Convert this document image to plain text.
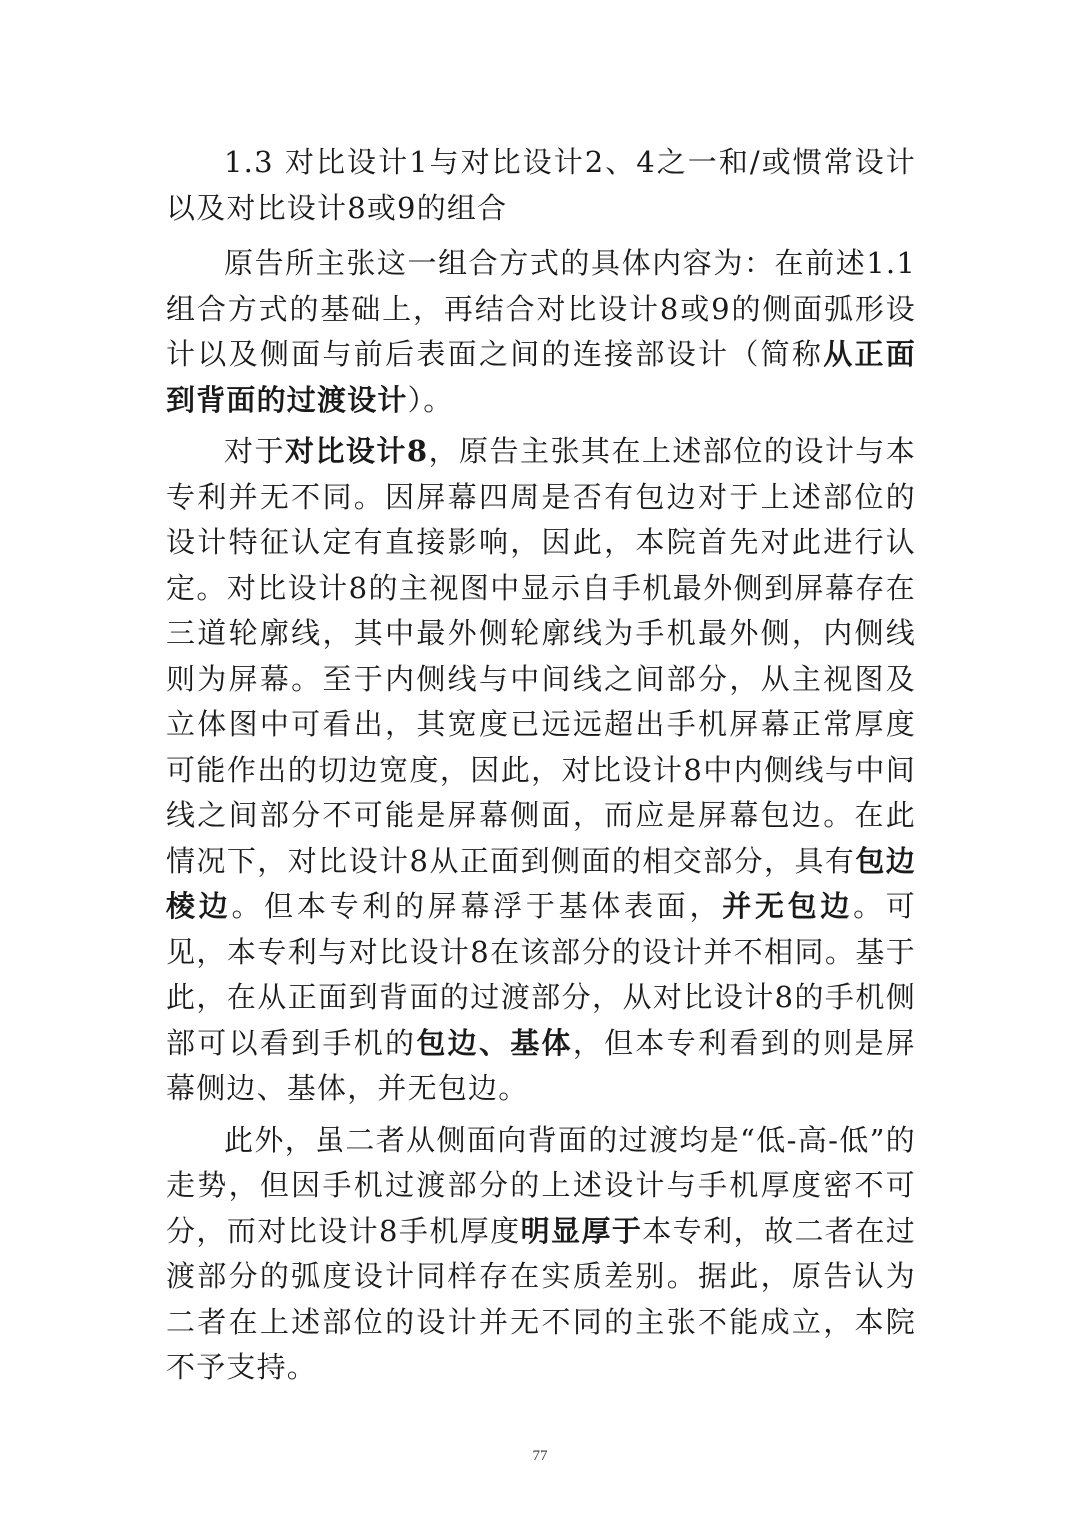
1.3 对比设计1与对比设计2、4之一和/或惯常设计以及对比设计8或9的组合

原告所主张这一组合方式的具体内容为：在前述1.1组合方式的基础上，再结合对比设计8或9的侧面弧形设计以及侧面与前后表面之间的连接部设计（简称从正面到背面的过渡设计）。

对于对比设计8，原告主张其在上述部位的设计与本专利并无不同。因屏幕四周是否有包边对于上述部位的设计特征认定有直接影响，因此，本院首先对此进行认定。对比设计8的主视图中显示自手机最外侧到屏幕存在三道轮廓线，其中最外侧轮廓线为手机最外侧，内侧线则为屏幕。至于内侧线与中间线之间部分，从主视图及立体图中可看出，其宽度已远远超出手机屏幕正常厚度可能作出的切边宽度，因此，对比设计8中内侧线与中间线之间部分不可能是屏幕侧面，而应是屏幕包边。在此情况下，对比设计8从正面到侧面的相交部分，具有包边棱边。但本专利的屏幕浮于基体表面，并无包边。可见，本专利与对比设计8在该部分的设计并不相同。基于此，在从正面到背面的过渡部分，从对比设计8的手机侧部可以看到手机的包边、基体，但本专利看到的则是屏幕侧边、基体，并无包边。

此外，虽二者从侧面向背面的过渡均是“低-高-低”的走势，但因手机过渡部分的上述设计与手机厚度密不可分，而对比设计8手机厚度明显厚于本专利，故二者在过渡部分的弧度设计同样存在实质差别。据此，原告认为二者在上述部位的设计并无不同的主张不能成立，本院不予支持。

77
